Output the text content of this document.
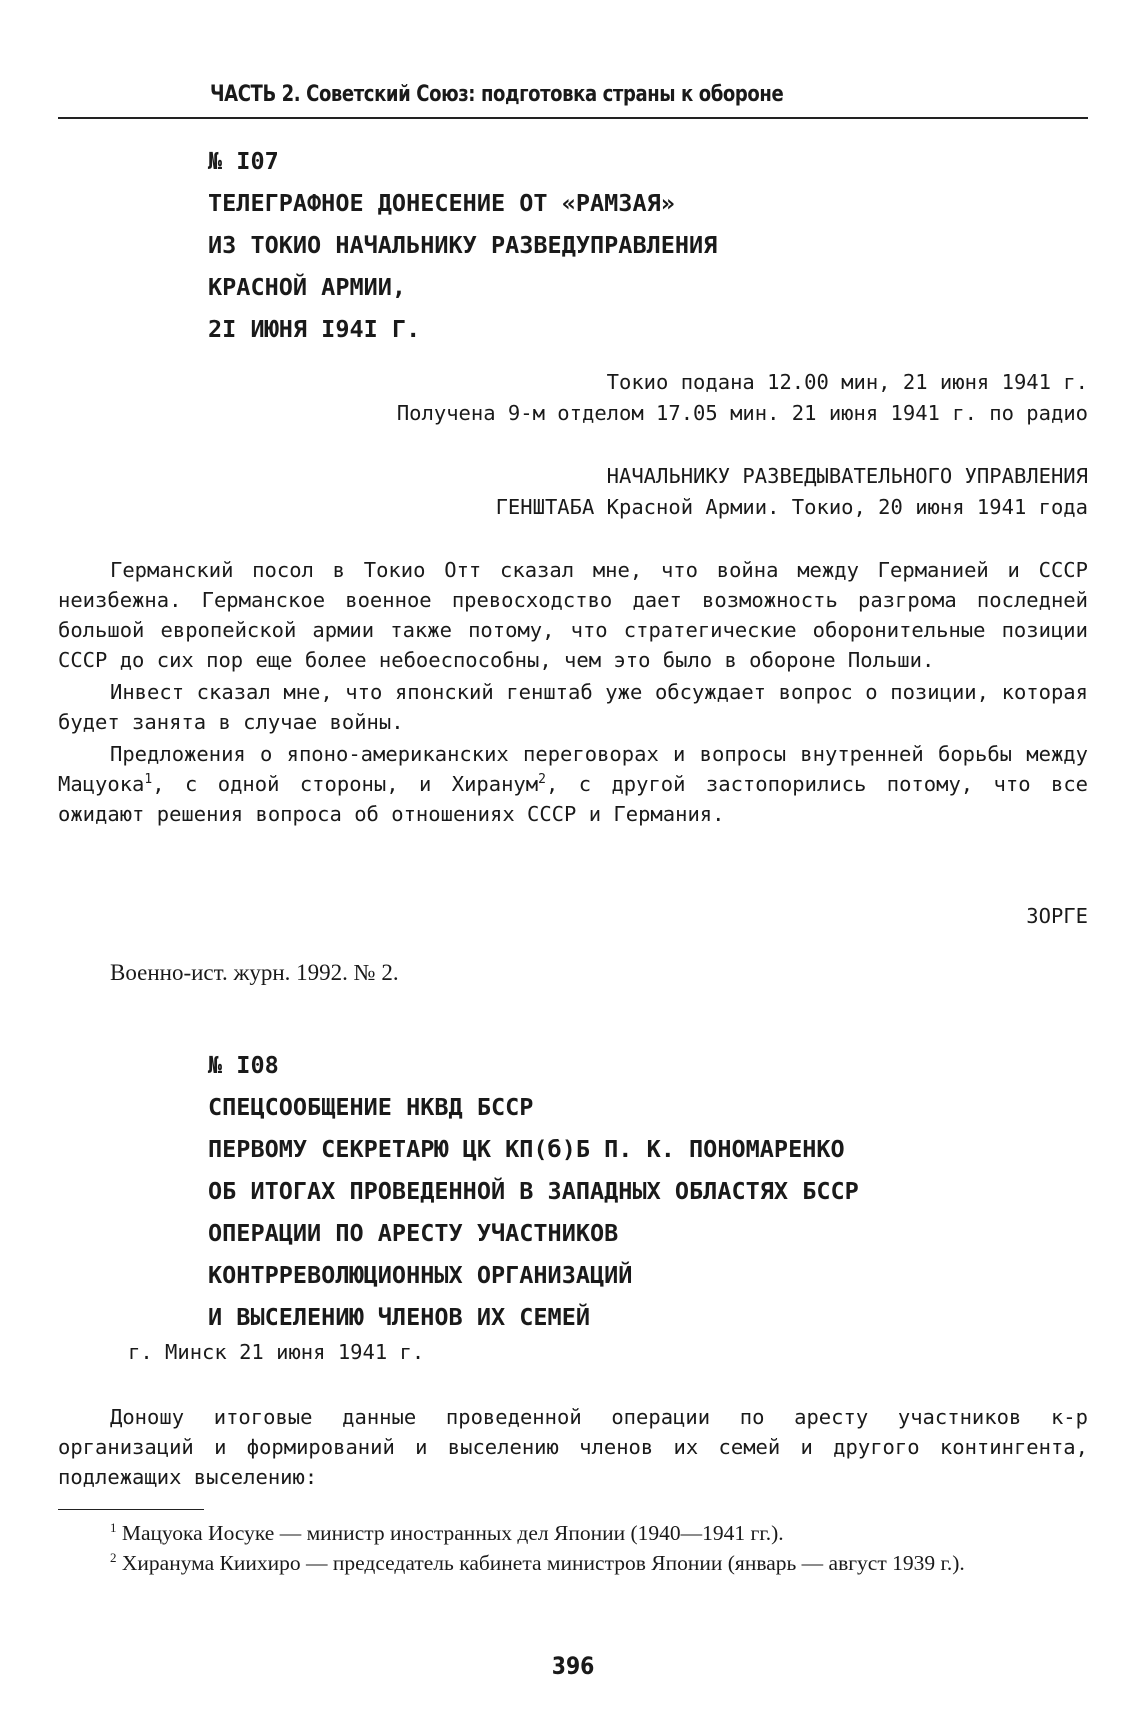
ЧАСТЬ 2. Советский Союз: подготовка страны к обороне
№ I07
ТЕЛЕГРАФНОЕ ДОНЕСЕНИЕ ОТ «РАМЗАЯ»
ИЗ ТОКИО НАЧАЛЬНИКУ РАЗВЕДУПРАВЛЕНИЯ
КРАСНОЙ АРМИИ,
2I ИЮНЯ I94I Г.
Токио подана 12.00 мин, 21 июня 1941 г.
Получена 9-м отделом 17.05 мин. 21 июня 1941 г. по радио
НАЧАЛЬНИКУ РАЗВЕДЫВАТЕЛЬНОГО УПРАВЛЕНИЯ
ГЕНШТАБА Красной Армии. Токио, 20 июня 1941 года

Германский посол в Токио Отт сказал мне, что война между Германией и СССР неизбежна. Германское военное превосходство дает возможность разгрома последней большой европейской армии также потому, что стратегические оборонительные позиции СССР до сих пор еще более небоеспособны, чем это было в обороне Польши.

Инвест сказал мне, что японский генштаб уже обсуждает вопрос о позиции, которая будет занята в случае войны.

Предложения о японо-американских переговорах и вопросы внутренней борьбы между Мацуока$^1$, с одной стороны, и Хиранум$^2$, с другой застопорились потому, что все ожидают решения вопроса об отношениях СССР и Германия.

ЗОРГЕ
Военно-ист. журн. 1992. № 2.
№ I08
СПЕЦСООБЩЕНИЕ НКВД БССР
ПЕРВОМУ СЕКРЕТАРЮ ЦК КП(б)Б П. К. ПОНОМАРЕНКО
ОБ ИТОГАХ ПРОВЕДЕННОЙ В ЗАПАДНЫХ ОБЛАСТЯХ БССР
ОПЕРАЦИИ ПО АРЕСТУ УЧАСТНИКОВ
КОНТРРЕВОЛЮЦИОННЫХ ОРГАНИЗАЦИЙ
И ВЫСЕЛЕНИЮ ЧЛЕНОВ ИХ СЕМЕЙ
г. Минск 21 июня 1941 г.

Доношу итоговые данные проведенной операции по аресту участников к-р организаций и формирований и выселению членов их семей и другого контингента, подлежащих выселению:

$^1$ Мацуока Иосуке — министр иностранных дел Японии (1940—1941 гг.).

$^2$ Хиранума Киихиро — председатель кабинета министров Японии (январь — август 1939 г.).

396
